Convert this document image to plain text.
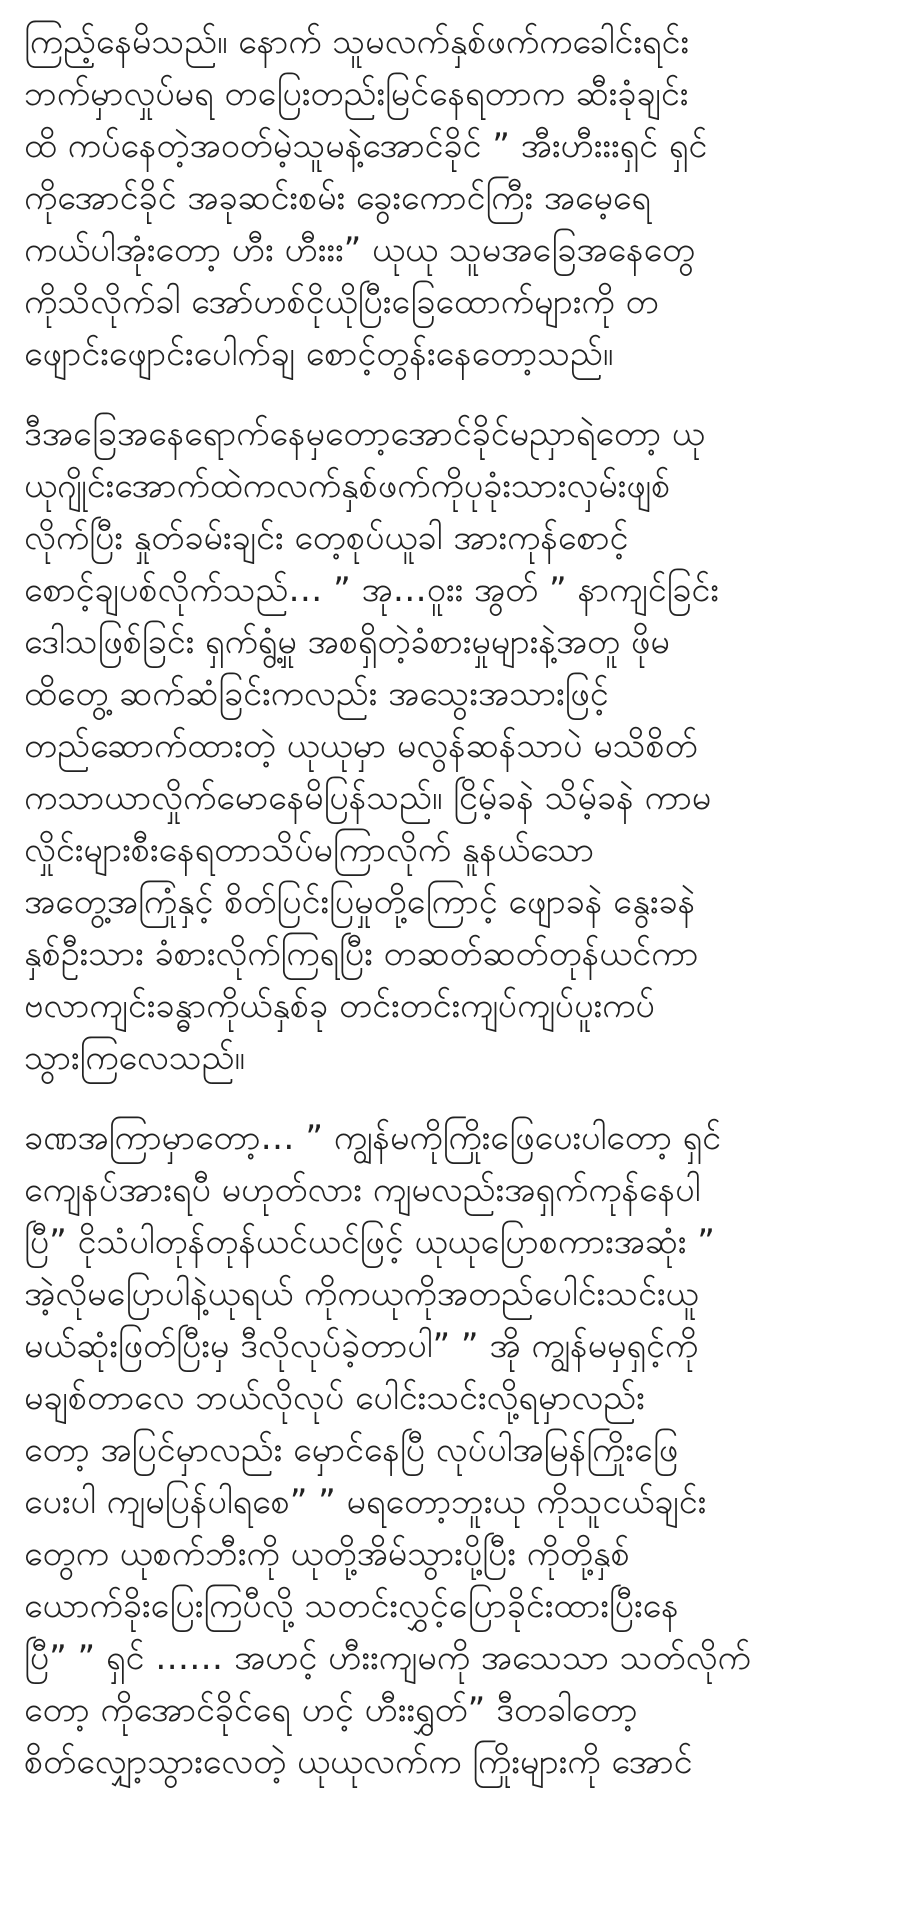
ကြည့်နေမိသည်။ နောက် သူမလက်နှစ်ဖက်ကခေါင်းရင်း
ဘက်မှာလှုပ်မရ တပြေးတည်းမြင်နေရတာက ဆီးခုံချင်း
ထိ ကပ်နေတဲ့အဝတ်မဲ့သူမနဲ့အောင်ခိုင် ” အီးဟီးးးရှင် ရှင်
ကိုအောင်ခိုင် အခုဆင်းစမ်း ခွေးကောင်ကြီး အမေ့ရေ
ကယ်ပါအုံးတော့ ဟီး ဟီးးး” ယုယု သူမအခြေအနေတွေ
ကိုသိလိုက်ခါ အော်ဟစ်ငိုယိုပြီးခြေထောက်များကို တ
ဖျောင်းဖျောင်းပေါက်ချ စောင့်တွန်းနေတော့သည်။

ဒီအခြေအနေရောက်နေမှတော့အောင်ခိုင်မညှာရဲတော့ ယု
ယုဂျိုင်းအောက်ထဲကလက်နှစ်ဖက်ကိုပုခုံးသားလှမ်းဖျစ်
လိုက်ပြီး နှုတ်ခမ်းချင်း တေ့စုပ်ယူခါ အားကုန်စောင့်
စောင့်ချပစ်လိုက်သည်… ” အု…ဝူးး အွတ် ” နာကျင်ခြင်း
ဒေါသဖြစ်ခြင်း ရှက်ရွံ့မှု အစရှိတဲ့ခံစားမှုများနဲ့အတူ ဖိုမ
ထိတွေ့ ဆက်ဆံခြင်းကလည်း အသွေးအသားဖြင့်
တည်ဆောက်ထားတဲ့ ယုယုမှာ မလွန်ဆန်သာပဲ မသိစိတ်
ကသာယာလှိုက်မောနေမိပြန်သည်။ ငြိမ့်ခနဲ သိမ့်ခနဲ ကာမ
လှိုင်းများစီးနေရတာသိပ်မကြာလိုက် နူနယ်သော
အတွေ့အကြုံနှင့် စိတ်ပြင်းပြမှုတို့ကြောင့် ဖျောခနဲ နွေးခနဲ
နှစ်ဦးသား ခံစားလိုက်ကြရပြီး တဆတ်ဆတ်တုန်ယင်ကာ
ဗလာကျင်းခန္ဓာကိုယ်နှစ်ခု တင်းတင်းကျပ်ကျပ်ပူးကပ်
သွားကြလေသည်။

ခဏအကြာမှာတော့… ” ကျွန်မကိုကြိုးဖြေပေးပါတော့ ရှင်
ကျေနပ်အားရပီ မဟုတ်လား ကျမလည်းအရှက်ကုန်နေပါ
ပြီ” ငိုသံပါတုန်တုန်ယင်ယင်ဖြင့် ယုယုပြောစကားအဆုံး ”
အဲ့လိုမပြောပါနဲ့ယုရယ် ကိုကယုကိုအတည်ပေါင်းသင်းယူ
မယ်ဆုံးဖြတ်ပြီးမှ ဒီလိုလုပ်ခဲ့တာပါ” ” အို ကျွန်မမှရှင့်ကို
မချစ်တာလေ ဘယ်လိုလုပ် ပေါင်းသင်းလို့ရမှာလည်း
တော့ အပြင်မှာလည်း မှောင်နေပြီ လုပ်ပါအမြန်ကြိုးဖြေ
ပေးပါ ကျမပြန်ပါရစေ” ” မရတော့ဘူးယု ကိုသူငယ်ချင်း
တွေက ယုစက်ဘီးကို ယုတို့အိမ်သွားပို့ပြီး ကိုတို့နှစ်
ယောက်ခိုးပြေးကြပီလို့ သတင်းလွှင့်ပြောခိုင်းထားပြီးနေ
ပြီ” ” ရှင် …… အဟင့် ဟီးးကျမကို အသေသာ သတ်လိုက်
တော့ ကိုအောင်ခိုင်ရေ ဟင့် ဟီးးရွှတ်” ဒီတခါတော့
စိတ်လျှော့သွားလေတဲ့ ယုယုလက်က ကြိုးများကို အောင်
